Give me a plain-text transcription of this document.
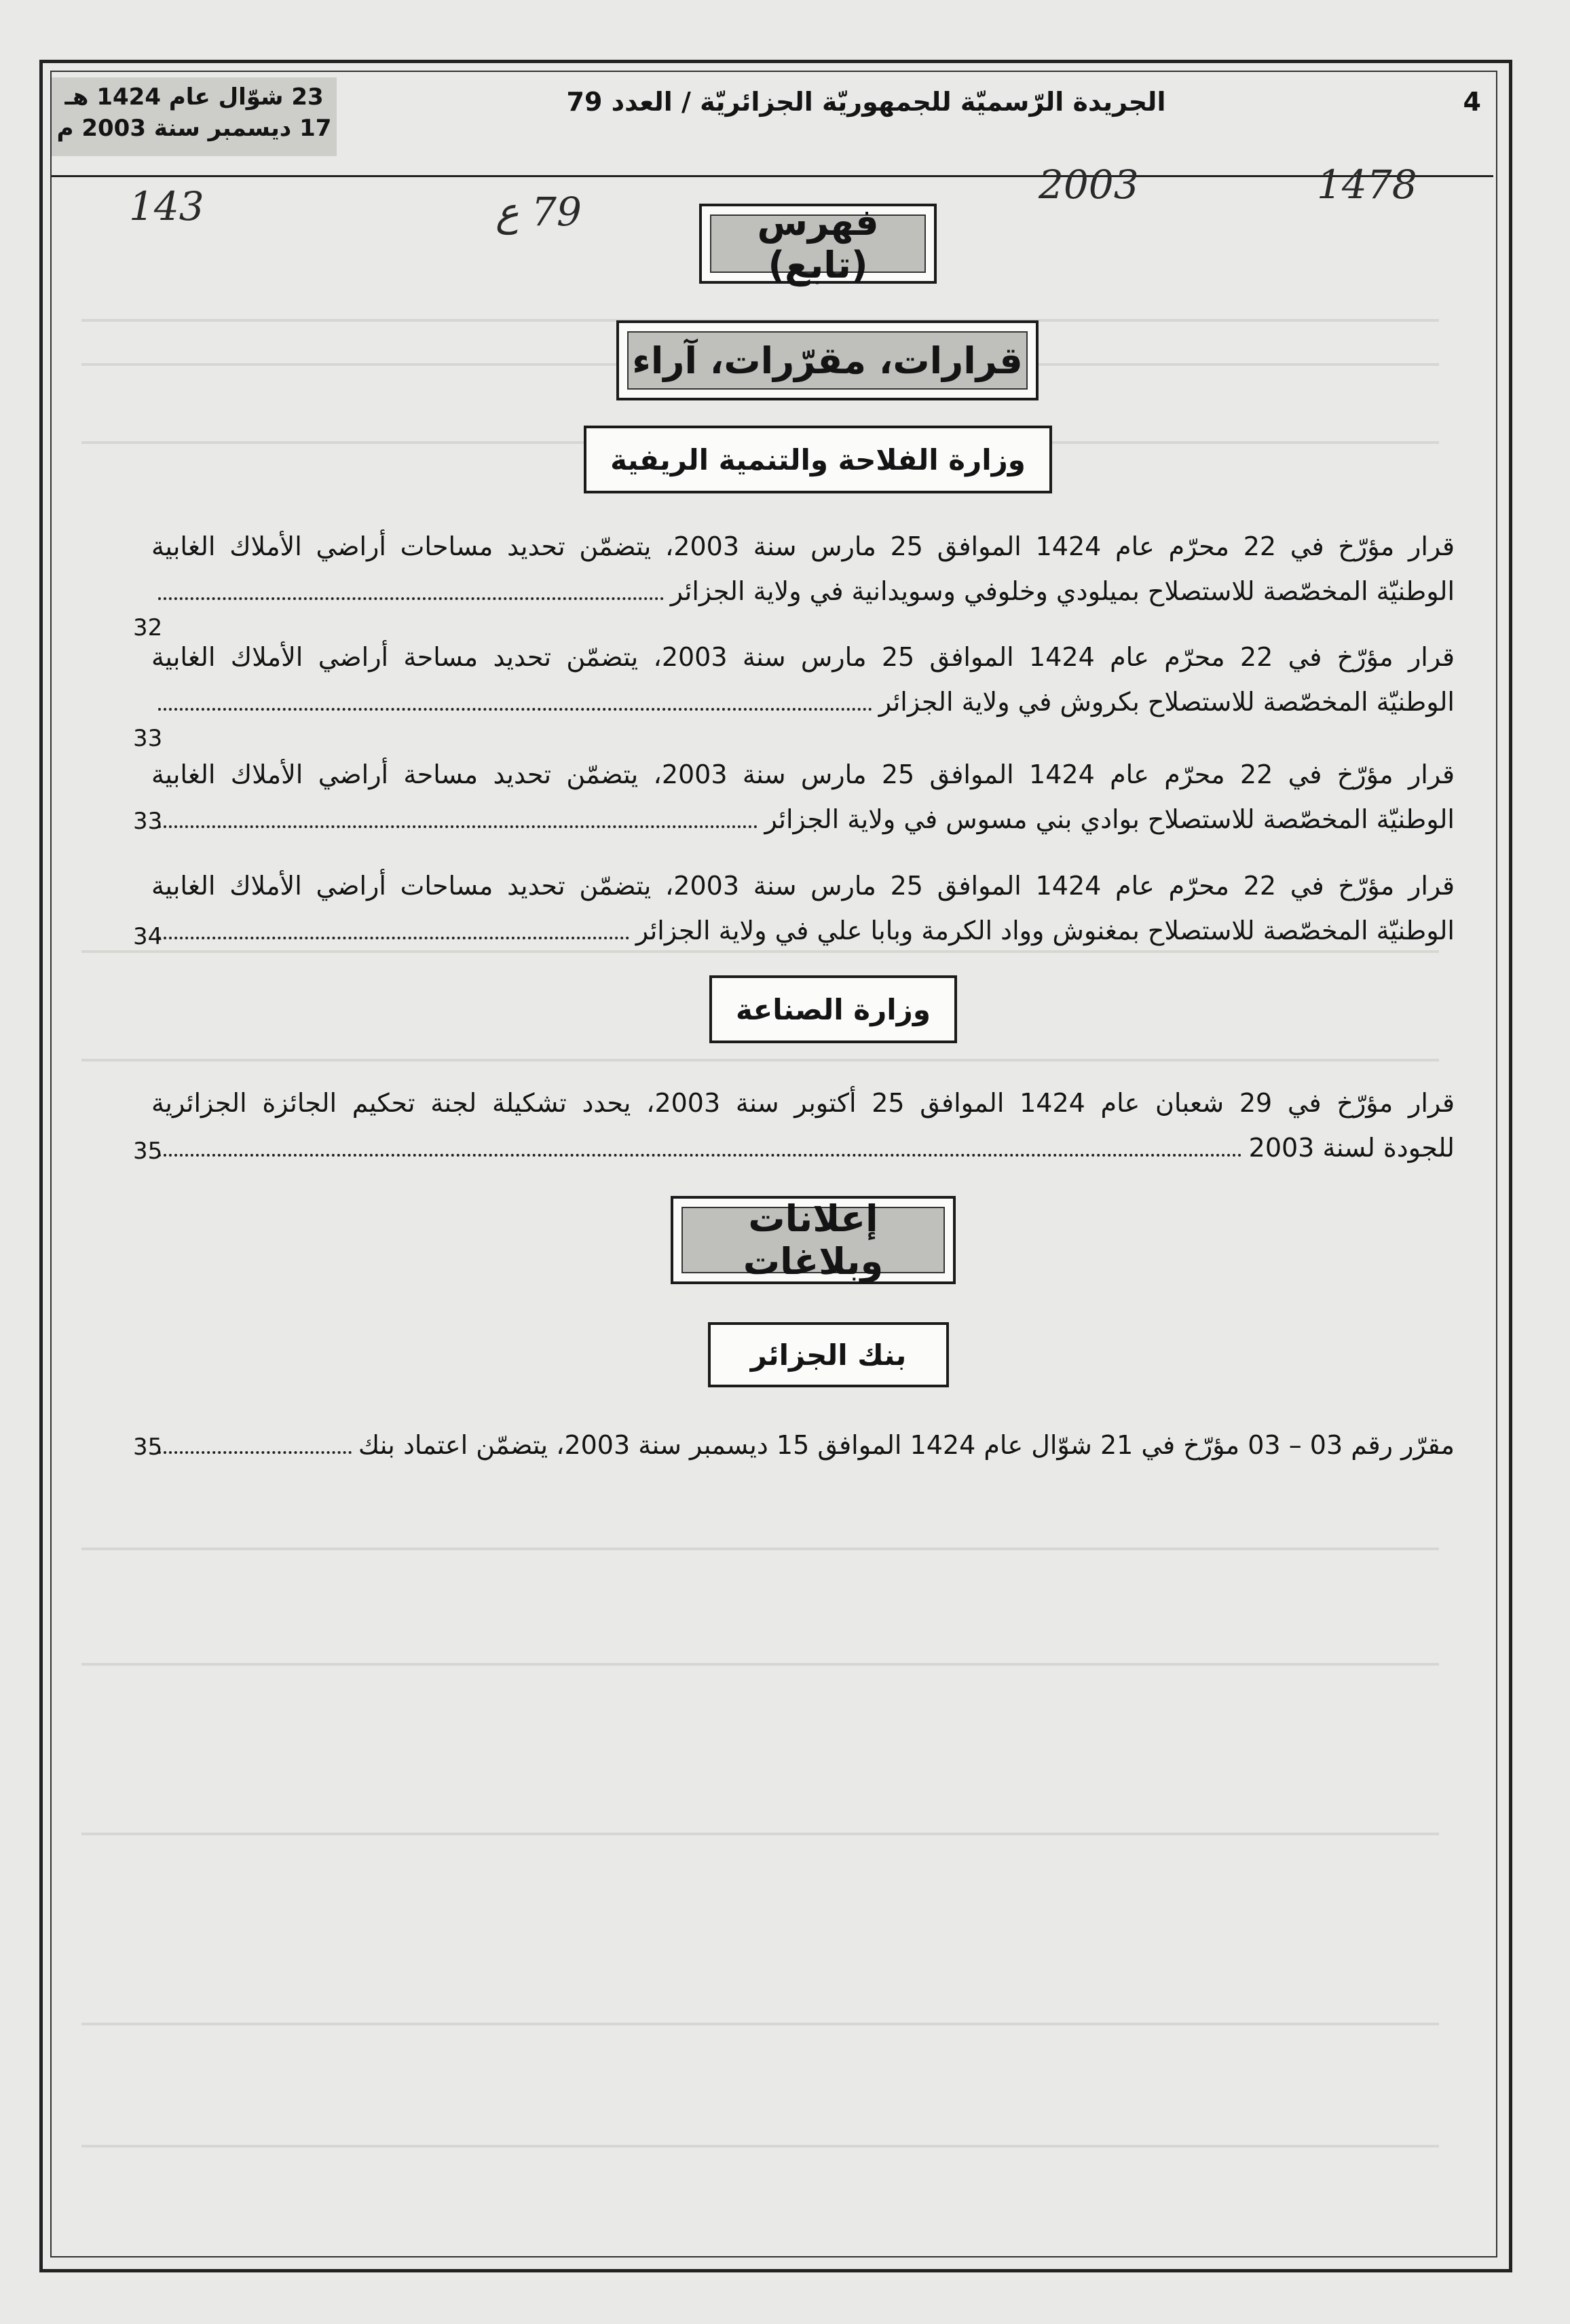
4
الجريدة الرّسميّة للجمهوريّة الجزائريّة / العدد 79
23 شوّال عام 1424 هـ
17 ديسمبر سنة 2003 م
143	79 ع
2003	1478
فهرس (تابع)
قرارات، مقرّرات، آراء
وزارة الفلاحة والتنمية الريفية
قرار مؤرّخ في 22 محرّم عام 1424 الموافق 25 مارس سنة 2003، يتضمّن تحديد مساحات أراضي الأملاك الغابية
الوطنيّة المخصّصة للاستصلاح بميلودي وخلوفي وسويدانية في ولاية الجزائر
32
قرار مؤرّخ في 22 محرّم عام 1424 الموافق 25 مارس سنة 2003، يتضمّن تحديد مساحة أراضي الأملاك الغابية
الوطنيّة المخصّصة للاستصلاح بكروش في ولاية الجزائر
33
قرار مؤرّخ في 22 محرّم عام 1424 الموافق 25 مارس سنة 2003، يتضمّن تحديد مساحة أراضي الأملاك الغابية
الوطنيّة المخصّصة للاستصلاح بوادي بني مسوس في ولاية الجزائر
33
قرار مؤرّخ في 22 محرّم عام 1424 الموافق 25 مارس سنة 2003، يتضمّن تحديد مساحات أراضي الأملاك الغابية
الوطنيّة المخصّصة للاستصلاح بمغنوش وواد الكرمة وبابا علي في ولاية الجزائر
34
وزارة الصناعة
قرار مؤرّخ في 29 شعبان عام 1424 الموافق 25 أكتوبر سنة 2003، يحدد تشكيلة لجنة تحكيم الجائزة الجزائرية
للجودة لسنة 2003
35
إعلانات وبلاغات
بنك الجزائر
مقرّر رقم 03 – 03 مؤرّخ في 21 شوّال عام 1424 الموافق 15 ديسمبر سنة 2003، يتضمّن اعتماد بنك
35
